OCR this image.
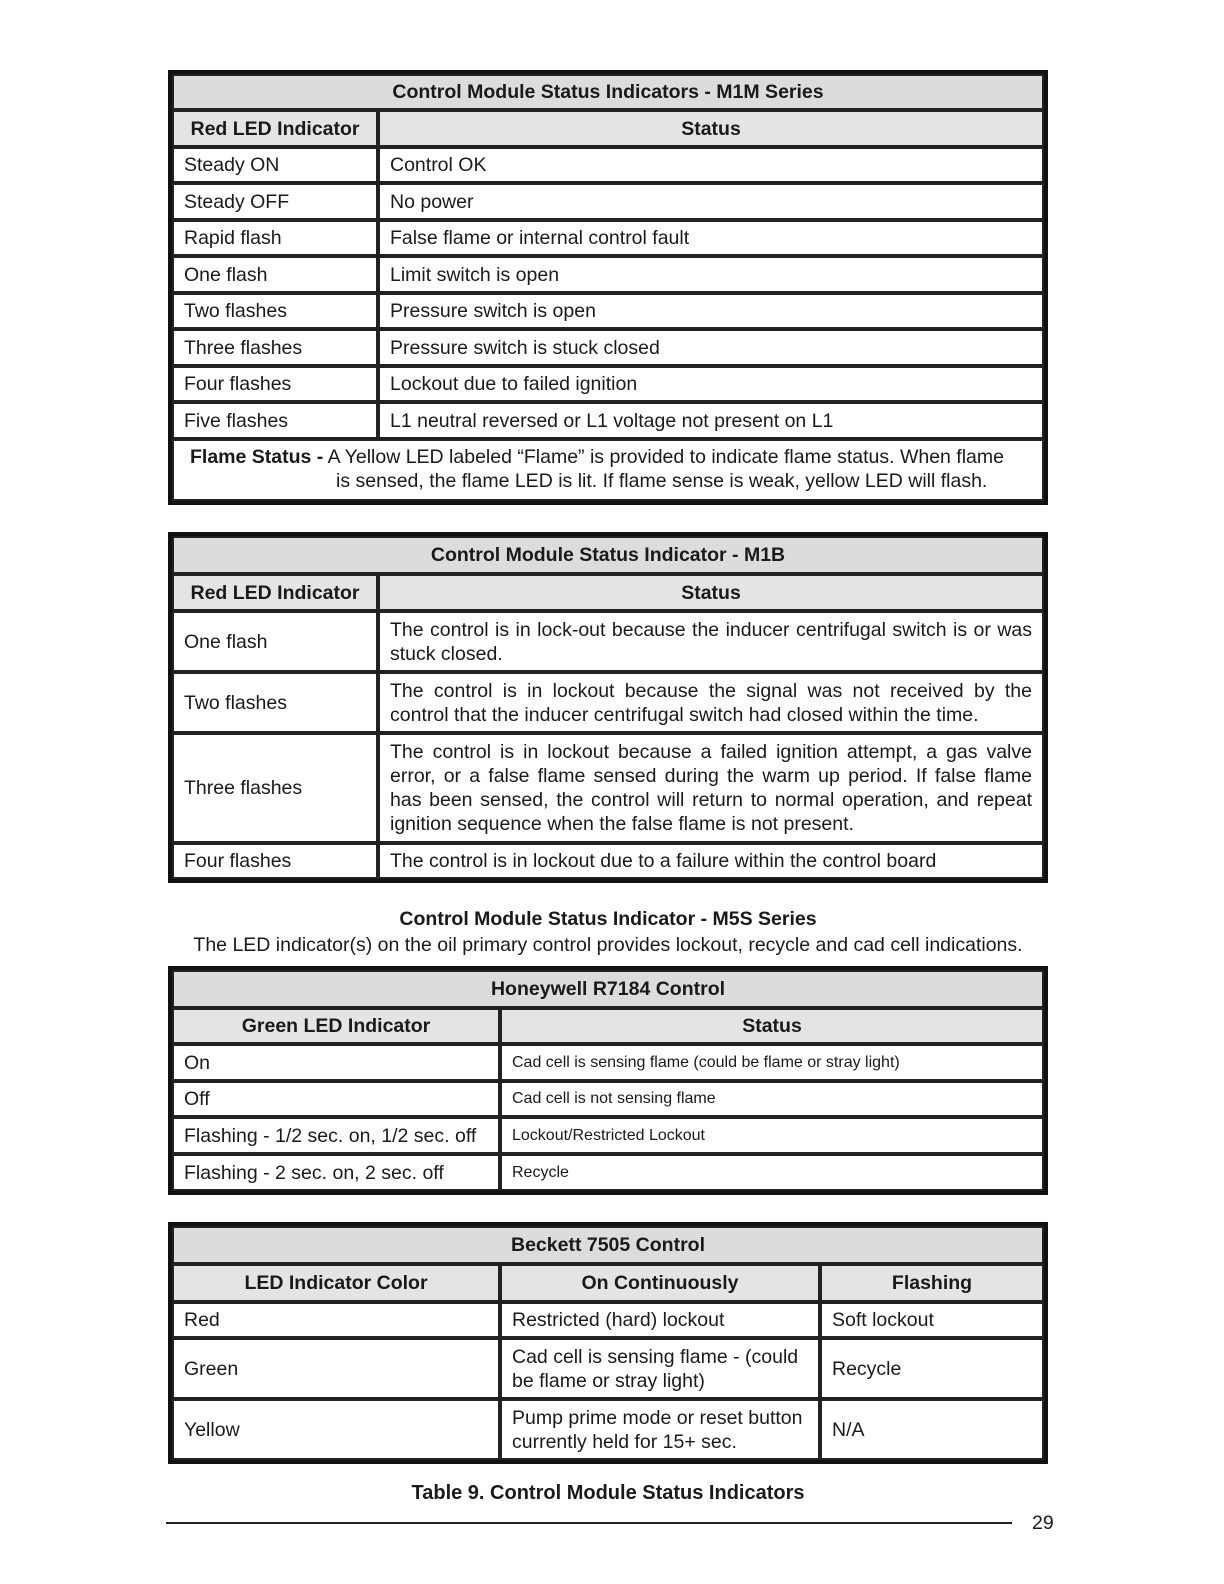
Control Module Status Indicators - M1M Series	
Red LED Indicator	Status
Steady ON	Control OK
Steady OFF	No power
Rapid flash	False flame or internal control fault
One flash	Limit switch is open
Two flashes	Pressure switch is open
Three flashes	Pressure switch is stuck closed
Four flashes	Lockout due to failed ignition
Five flashes	L1 neutral reversed or L1 voltage not present on L1
Flame Status - A Yellow LED labeled “Flame” is provided to indicate flame status. When flame
is sensed, the flame LED is lit. If flame sense is weak, yellow LED will flash.	
Control Module Status Indicator - M1B	
Red LED Indicator	Status
One flash	The control is in lock-out because the inducer centrifugal switch is or was stuck closed.
Two flashes	The control is in lockout because the signal was not received by the control that the inducer centrifugal switch had closed within the time.
Three flashes	The control is in lockout because a failed ignition attempt, a gas valve error, or a false flame sensed during the warm up period. If false flame has been sensed, the control will return to normal operation, and repeat ignition sequence when the false flame is not present.
Four flashes	The control is in lockout due to a failure within the control board
Control Module Status Indicator - M5S Series
The LED indicator(s) on the oil primary control provides lockout, recycle and cad cell indications.
Honeywell R7184 Control	
Green LED Indicator	Status
On	Cad cell is sensing flame (could be flame or stray light)
Off	Cad cell is not sensing flame
Flashing - 1/2 sec. on, 1/2 sec. off	Lockout/Restricted Lockout
Flashing - 2 sec. on, 2 sec. off	Recycle
Beckett 7505 Control		
LED Indicator Color	On Continuously	Flashing
Red	Restricted (hard) lockout	Soft lockout
Green	Cad cell is sensing flame - (could be flame or stray light)	Recycle
Yellow	Pump prime mode or reset button currently held for 15+ sec.	N/A
Table 9. Control Module Status Indicators
29
